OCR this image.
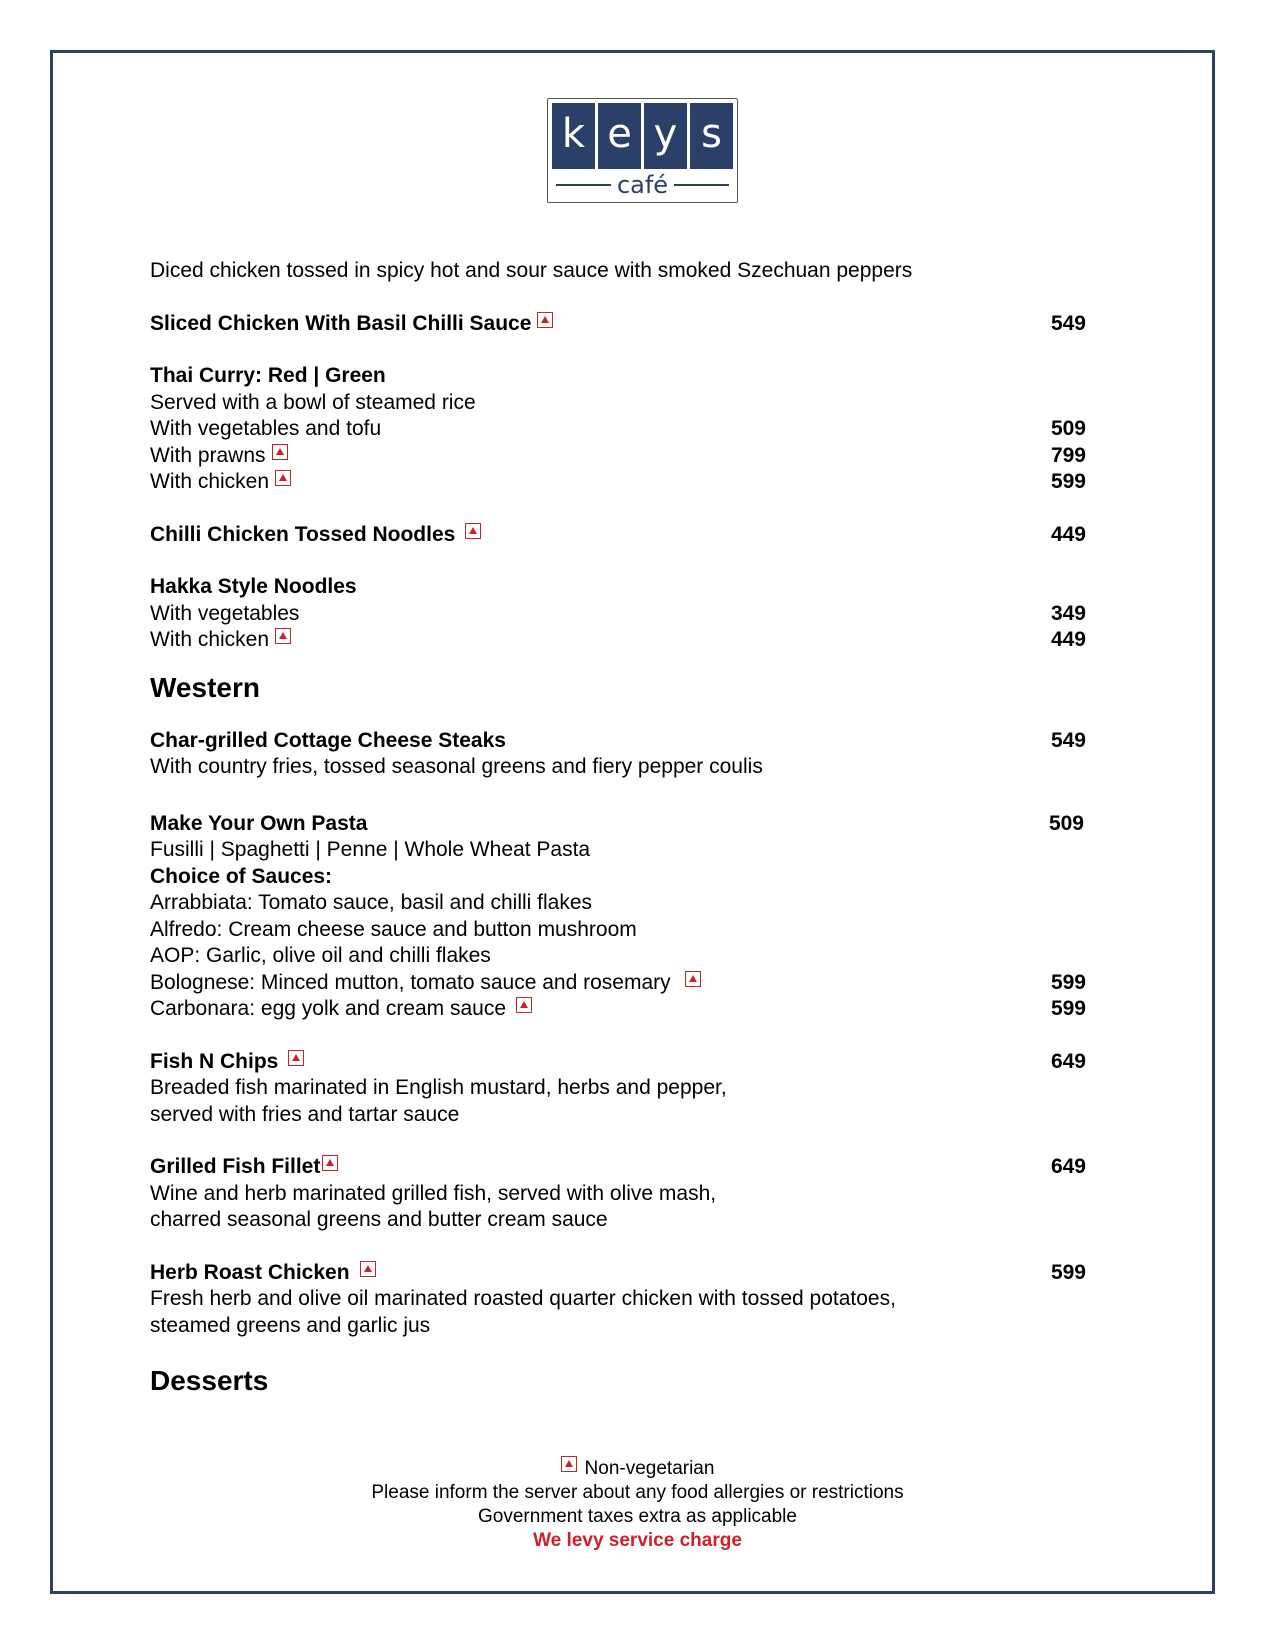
k e y s
café
Diced chicken tossed in spicy hot and sour sauce with smoked Szechuan peppers
Sliced Chicken With Basil Chilli Sauce	549
Thai Curry: Red | Green
Served with a bowl of steamed rice
With vegetables and tofu	509
With prawns	799
With chicken	599
Chilli Chicken Tossed Noodles	449
Hakka Style Noodles
With vegetables	349
With chicken	449
Western
Char-grilled Cottage Cheese Steaks	549
With country fries, tossed seasonal greens and fiery pepper coulis
Make Your Own Pasta	509
Fusilli | Spaghetti | Penne | Whole Wheat Pasta
Choice of Sauces:
Arrabbiata: Tomato sauce, basil and chilli flakes
Alfredo: Cream cheese sauce and button mushroom
AOP: Garlic, olive oil and chilli flakes
Bolognese: Minced mutton, tomato sauce and rosemary	599
Carbonara: egg yolk and cream sauce	599
Fish N Chips	649
Breaded fish marinated in English mustard, herbs and pepper,
served with fries and tartar sauce
Grilled Fish Fillet	649
Wine and herb marinated grilled fish, served with olive mash,
charred seasonal greens and butter cream sauce
Herb Roast Chicken	599
Fresh herb and olive oil marinated roasted quarter chicken with tossed potatoes,
steamed greens and garlic jus
Desserts
Non-vegetarian
Please inform the server about any food allergies or restrictions
Government taxes extra as applicable
We levy service charge
